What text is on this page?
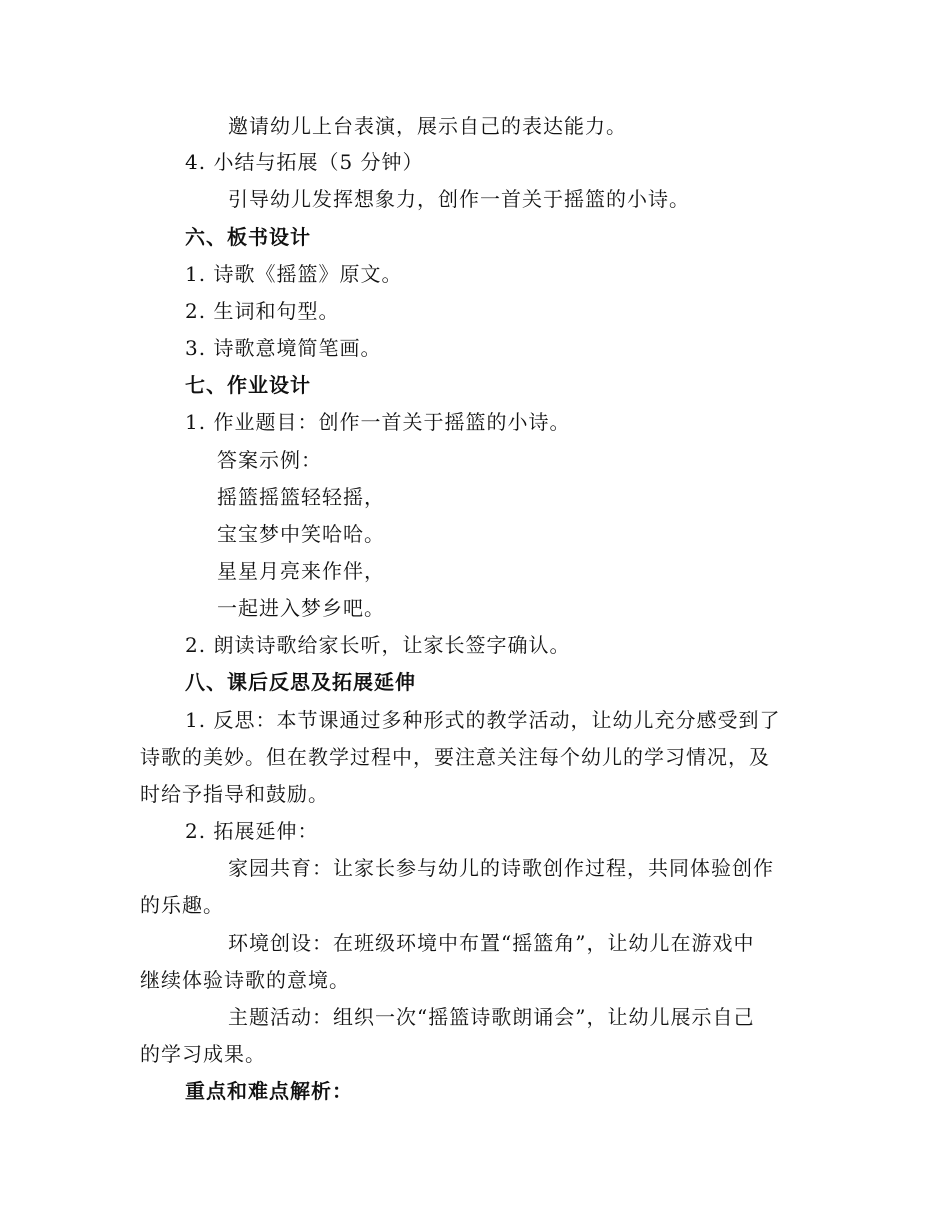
邀请幼儿上台表演，展示自己的表达能力。
4. 小结与拓展（5 分钟）
引导幼儿发挥想象力，创作一首关于摇篮的小诗。
六、板书设计
1. 诗歌《摇篮》原文。
2. 生词和句型。
3. 诗歌意境简笔画。
七、作业设计
1. 作业题目：创作一首关于摇篮的小诗。
答案示例：
摇篮摇篮轻轻摇，
宝宝梦中笑哈哈。
星星月亮来作伴，
一起进入梦乡吧。
2. 朗读诗歌给家长听，让家长签字确认。
八、课后反思及拓展延伸
1. 反思：本节课通过多种形式的教学活动，让幼儿充分感受到了
诗歌的美妙。但在教学过程中，要注意关注每个幼儿的学习情况，及
时给予指导和鼓励。
2. 拓展延伸：
家园共育：让家长参与幼儿的诗歌创作过程，共同体验创作
的乐趣。
环境创设：在班级环境中布置“摇篮角”，让幼儿在游戏中
继续体验诗歌的意境。
主题活动：组织一次“摇篮诗歌朗诵会”，让幼儿展示自己
的学习成果。
重点和难点解析：
